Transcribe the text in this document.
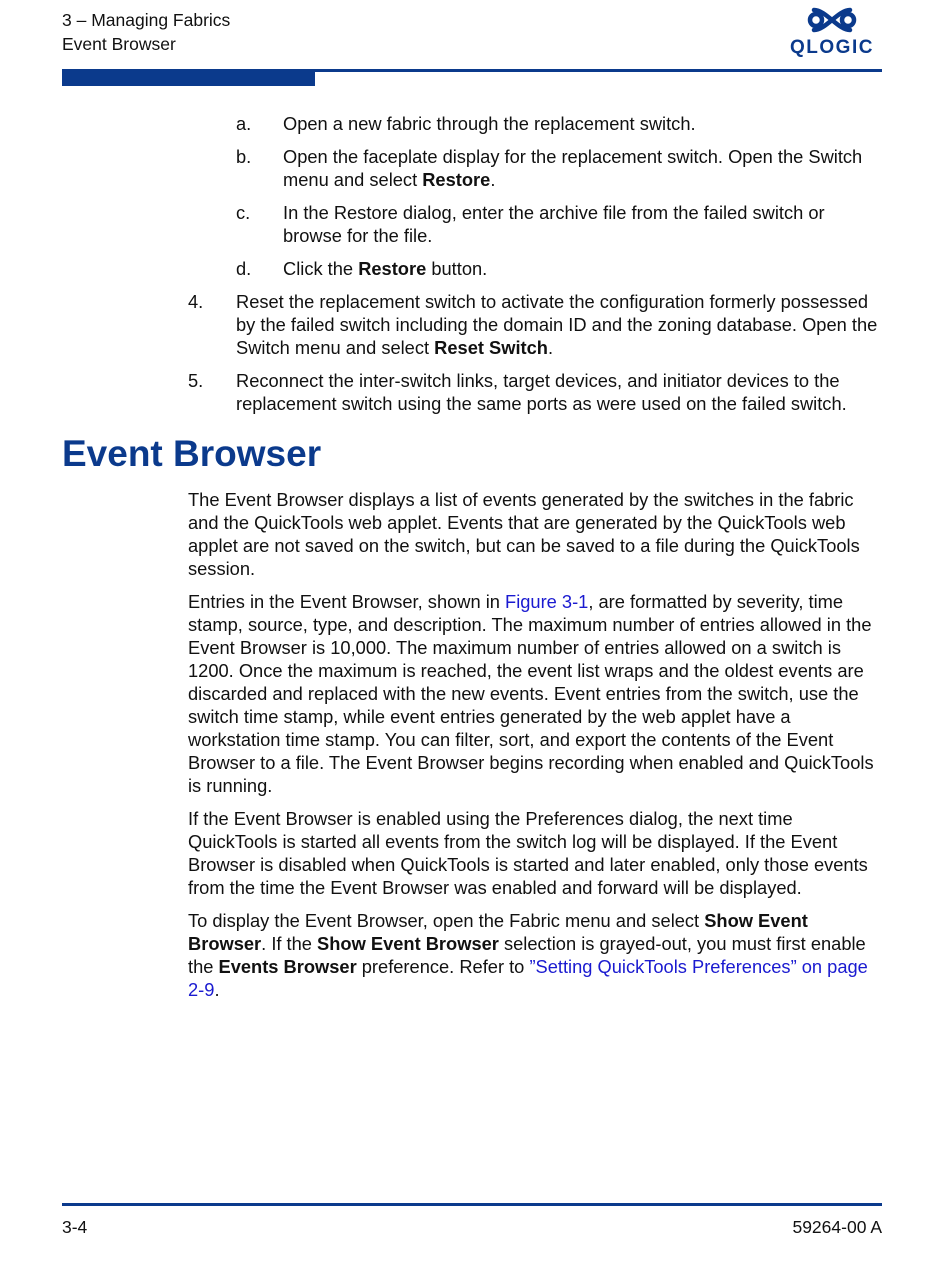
3 – Managing Fabrics
Event Browser	QLOGIC
a. Open a new fabric through the replacement switch.
b. Open the faceplate display for the replacement switch. Open the Switch menu and select Restore.
c. In the Restore dialog, enter the archive file from the failed switch or browse for the file.
d. Click the Restore button.
4. Reset the replacement switch to activate the configuration formerly possessed by the failed switch including the domain ID and the zoning database. Open the Switch menu and select Reset Switch.
5. Reconnect the inter-switch links, target devices, and initiator devices to the replacement switch using the same ports as were used on the failed switch.
Event Browser

The Event Browser displays a list of events generated by the switches in the fabric and the QuickTools web applet. Events that are generated by the QuickTools web applet are not saved on the switch, but can be saved to a file during the QuickTools session.

Entries in the Event Browser, shown in Figure 3-1, are formatted by severity, time stamp, source, type, and description. The maximum number of entries allowed in the Event Browser is 10,000. The maximum number of entries allowed on a switch is 1200. Once the maximum is reached, the event list wraps and the oldest events are discarded and replaced with the new events. Event entries from the switch, use the switch time stamp, while event entries generated by the web applet have a workstation time stamp. You can filter, sort, and export the contents of the Event Browser to a file. The Event Browser begins recording when enabled and QuickTools is running.

If the Event Browser is enabled using the Preferences dialog, the next time QuickTools is started all events from the switch log will be displayed. If the Event Browser is disabled when QuickTools is started and later enabled, only those events from the time the Event Browser was enabled and forward will be displayed.

To display the Event Browser, open the Fabric menu and select Show Event Browser. If the Show Event Browser selection is grayed-out, you must first enable the Events Browser preference. Refer to ”Setting QuickTools Preferences” on page 2-9.

3-4	59264-00 A
